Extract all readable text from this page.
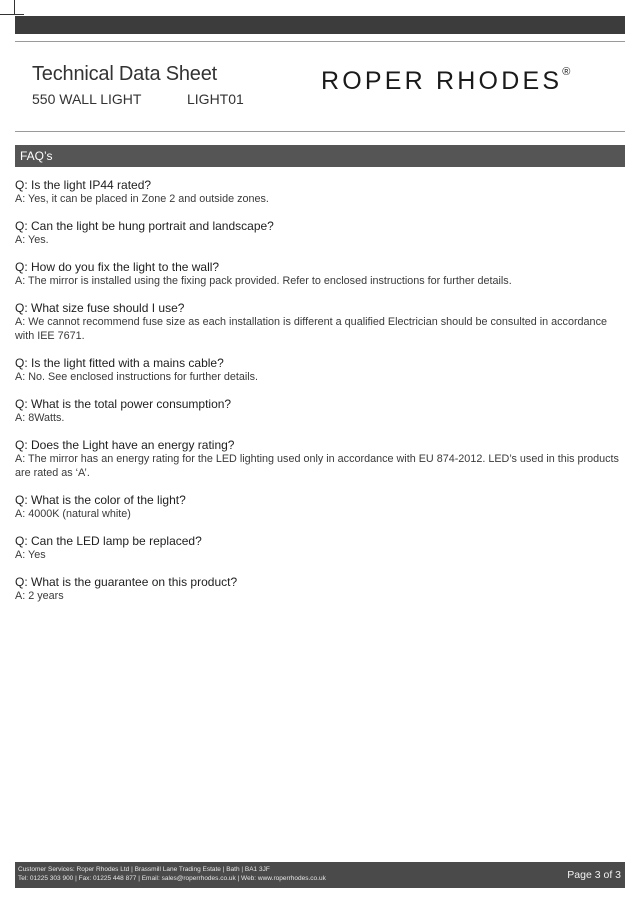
Technical Data Sheet
550 WALL LIGHT	LIGHT01
ROPER RHODES®
FAQ’s
Q: Is the light IP44 rated?
A: Yes, it can be placed in Zone 2 and outside zones.
Q: Can the light be hung portrait and landscape?
A: Yes.
Q: How do you fix the light to the wall?
A: The mirror is installed using the fixing pack provided. Refer to enclosed instructions for further details.
Q: What size fuse should I use?
A: We cannot recommend fuse size as each installation is different a qualified Electrician should be consulted in accordance with IEE 7671.
Q: Is the light fitted with a mains cable?
A: No. See enclosed instructions for further details.
Q: What is the total power consumption?
A: 8Watts.
Q: Does the Light have an energy rating?
A: The mirror has an energy rating for the LED lighting used only in accordance with EU 874-2012. LED’s used in this products are rated as ‘A’.
Q: What is the color of the light?
A: 4000K (natural white)
Q: Can the LED lamp be replaced?
A: Yes
Q: What is the guarantee on this product?
A: 2 years
Customer Services: Roper Rhodes Ltd | Brassmill Lane Trading Estate | Bath | BA1 3JF
Tel: 01225 303 900 | Fax: 01225 448 877 | Email: sales@roperrhodes.co.uk | Web: www.roperrhodes.co.uk	Page 3 of 3
